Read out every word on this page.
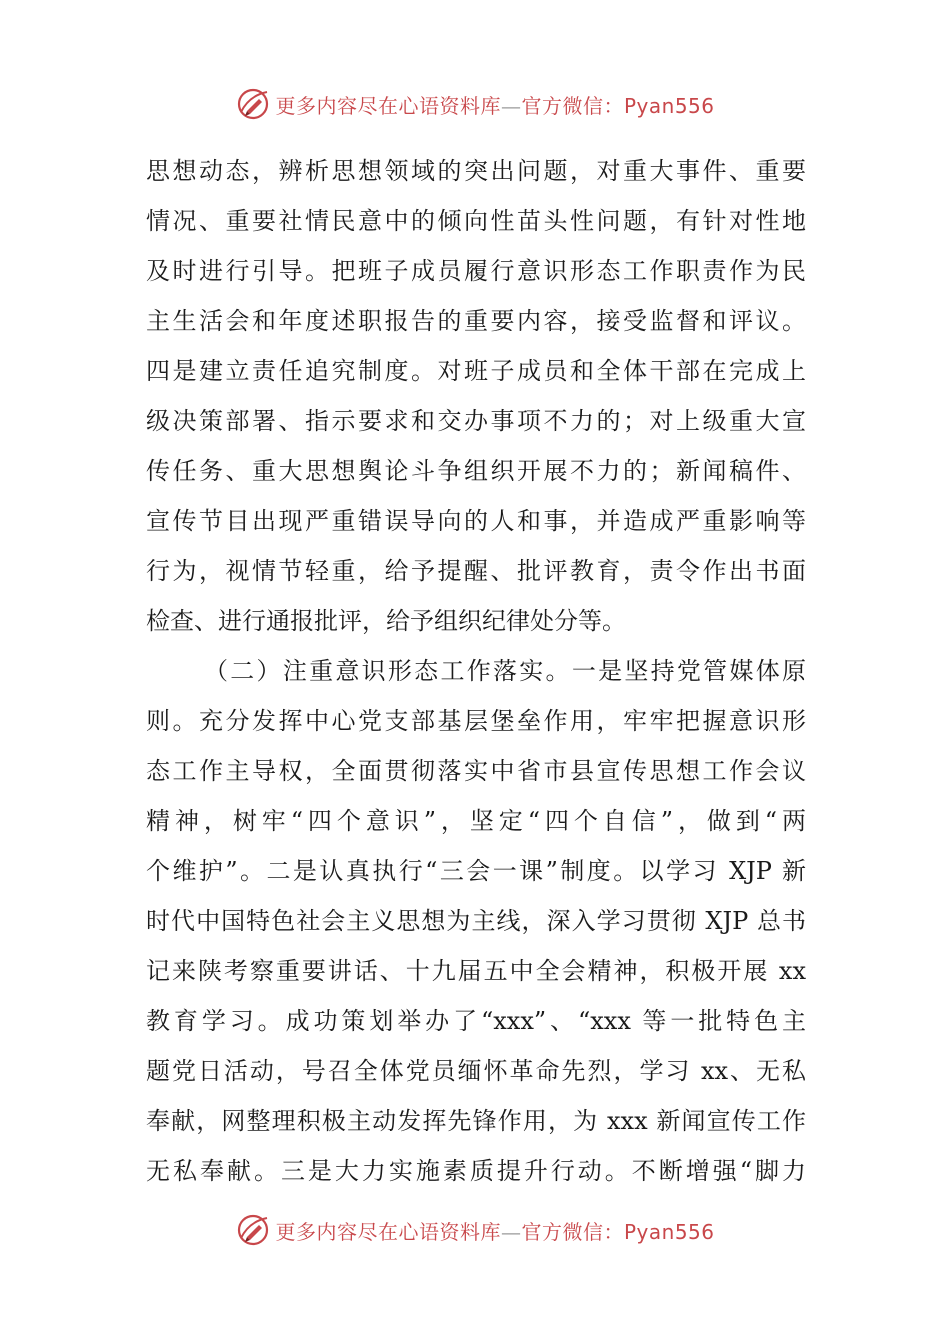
更多内容尽在心语资料库—官方微信：Pyan556
思想动态，辨析思想领域的突出问题，对重大事件、重要
情况、重要社情民意中的倾向性苗头性问题，有针对性地
及时进行引导。把班子成员履行意识形态工作职责作为民
主生活会和年度述职报告的重要内容，接受监督和评议。
四是建立责任追究制度。对班子成员和全体干部在完成上
级决策部署、指示要求和交办事项不力的；对上级重大宣
传任务、重大思想舆论斗争组织开展不力的；新闻稿件、
宣传节目出现严重错误导向的人和事，并造成严重影响等
行为，视情节轻重，给予提醒、批评教育，责令作出书面
检查、进行通报批评，给予组织纪律处分等。
（二）注重意识形态工作落实。一是坚持党管媒体原
则。充分发挥中心党支部基层堡垒作用，牢牢把握意识形
态工作主导权，全面贯彻落实中省市县宣传思想工作会议
精神，树牢“四个意识”，坚定“四个自信”，做到“两
个维护”。二是认真执行“三会一课”制度。以学习 XJP 新
时代中国特色社会主义思想为主线，深入学习贯彻 XJP 总书
记来陕考察重要讲话、十九届五中全会精神，积极开展 xx
教育学习。成功策划举办了“xxx”、“xxx 等一批特色主
题党日活动，号召全体党员缅怀革命先烈，学习 xx、无私
奉献，网整理积极主动发挥先锋作用，为 xxx 新闻宣传工作
无私奉献。三是大力实施素质提升行动。不断增强“脚力
更多内容尽在心语资料库—官方微信：Pyan556
